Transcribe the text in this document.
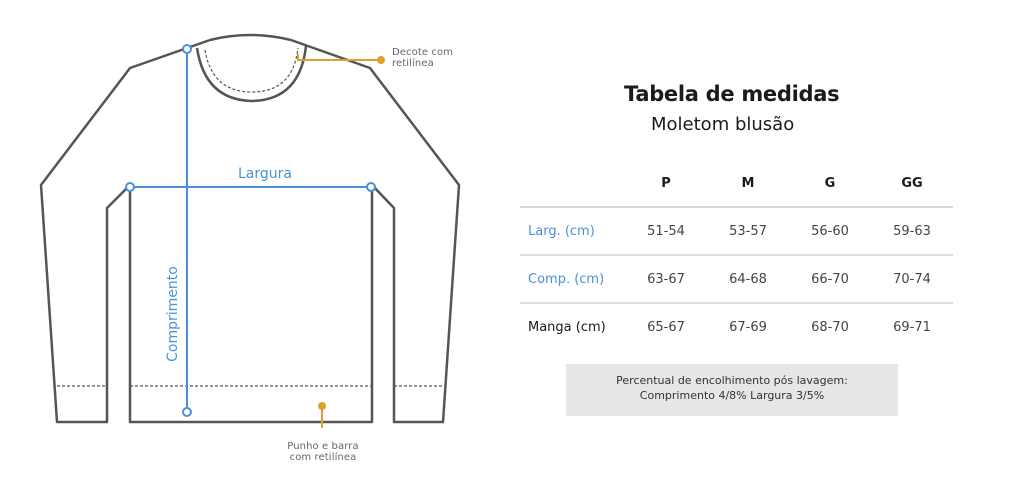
Largura
Comprimento
Decote com
retilínea
Punho e barra
com retilínea
Tabela de medidas
Moletom blusão
	P	M	G	GG
Larg. (cm)	51-54	53-57	56-60	59-63
Comp. (cm)	63-67	64-68	66-70	70-74
Manga (cm)	65-67	67-69	68-70	69-71
Percentual de encolhimento pós lavagem:
Comprimento 4/8% Largura 3/5%
